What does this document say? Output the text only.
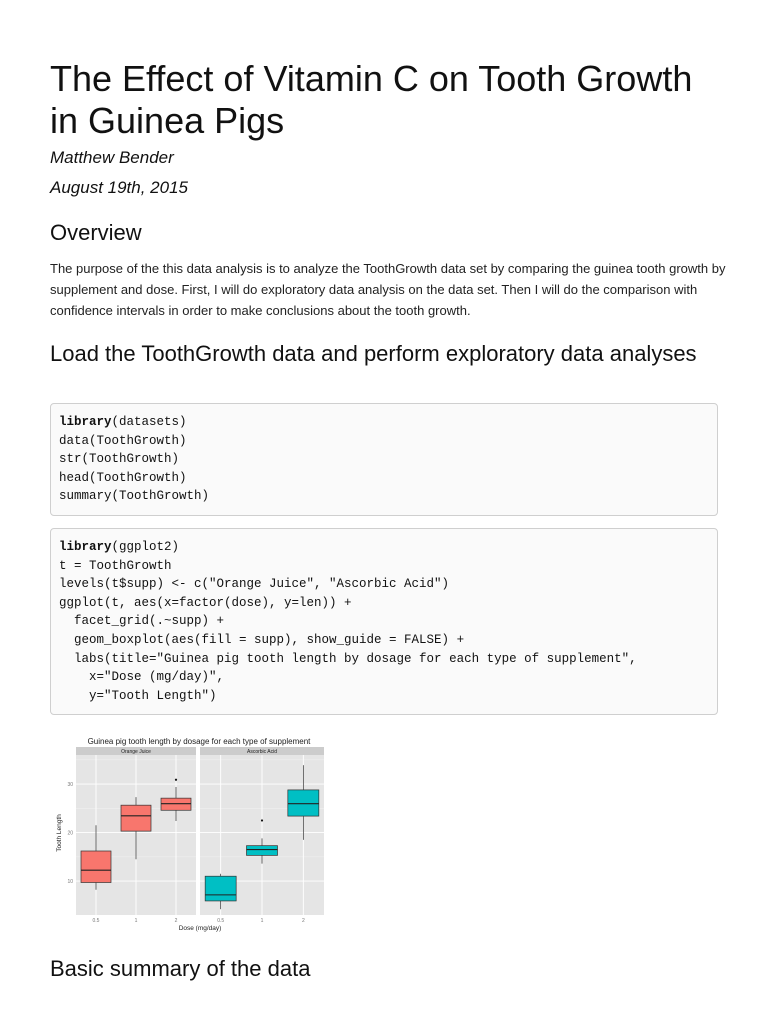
The Effect of Vitamin C on Tooth Growth in Guinea Pigs

Matthew Bender

August 19th, 2015

Overview

The purpose of the this data analysis is to analyze the ToothGrowth data set by comparing the guinea tooth growth by supplement and dose. First, I will do exploratory data analysis on the data set. Then I will do the comparison with confidence intervals in order to make conclusions about the tooth growth.

Load the ToothGrowth data and perform exploratory data analyses
library(datasets)
data(ToothGrowth)
str(ToothGrowth)
head(ToothGrowth)
summary(ToothGrowth)
library(ggplot2)
t = ToothGrowth
levels(t$supp) <- c("Orange Juice", "Ascorbic Acid")
ggplot(t, aes(x=factor(dose), y=len)) +
facet_grid(.~supp) +
geom_boxplot(aes(fill = supp), show_guide = FALSE) +
labs(title="Guinea pig tooth length by dosage for each type of supplement",
x="Dose (mg/day)",
y="Tooth Length")
Guinea pig tooth length by dosage for each type of supplement
Tooth Length
Dose (mg/day)
Orange Juice
0.5	1	2
Ascorbic Acid
0.5	1	2
10
20
30
Basic summary of the data
